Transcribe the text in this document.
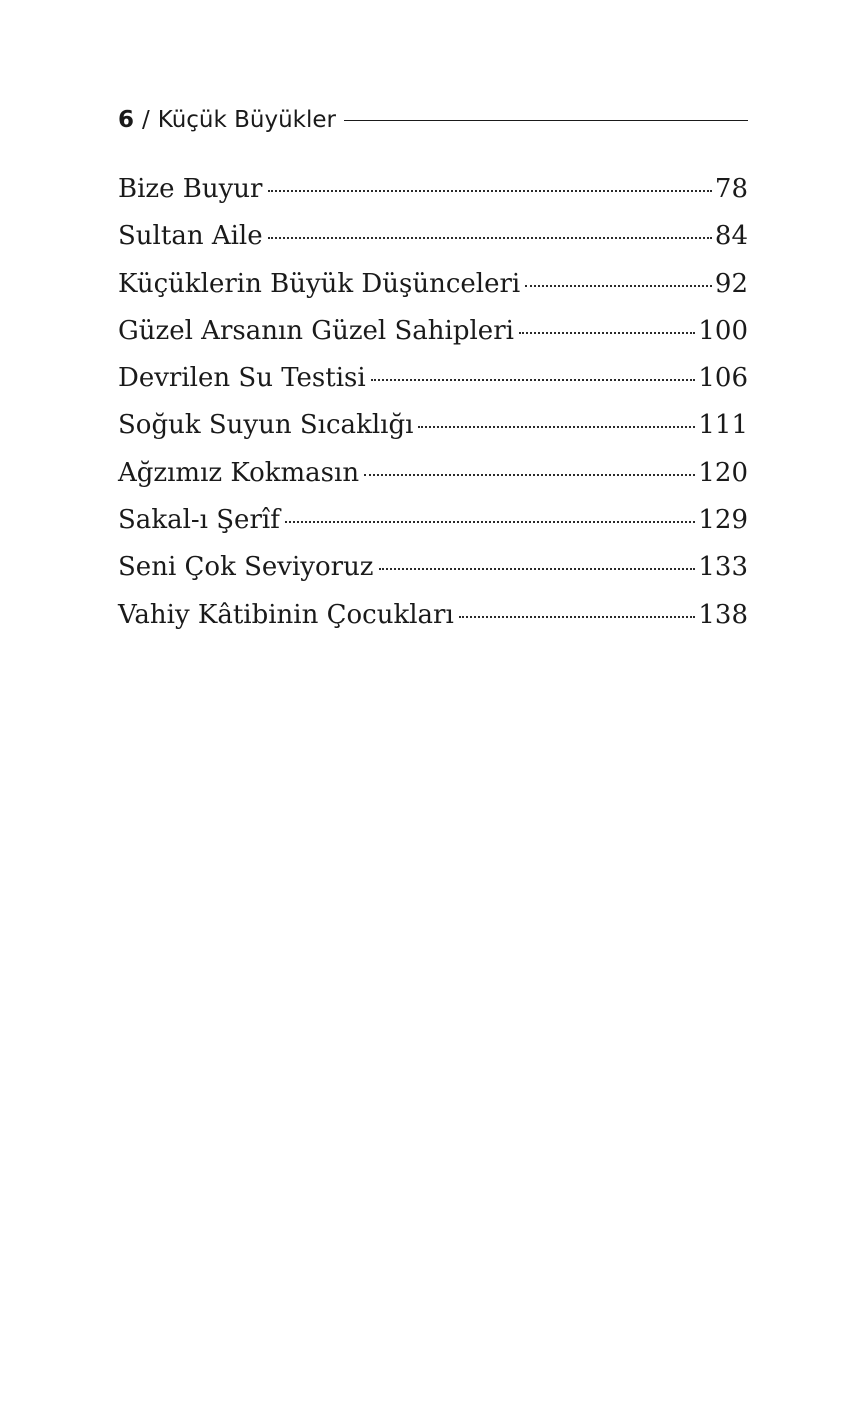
6 / Küçük Büyükler
Bize Buyur	78
Sultan Aile	84
Küçüklerin Büyük Düşünceleri	92
Güzel Arsanın Güzel Sahipleri	100
Devrilen Su Testisi	106
Soğuk Suyun Sıcaklığı	111
Ağzımız Kokmasın	120
Sakal-ı Şerîf	129
Seni Çok Seviyoruz	133
Vahiy Kâtibinin Çocukları	138
